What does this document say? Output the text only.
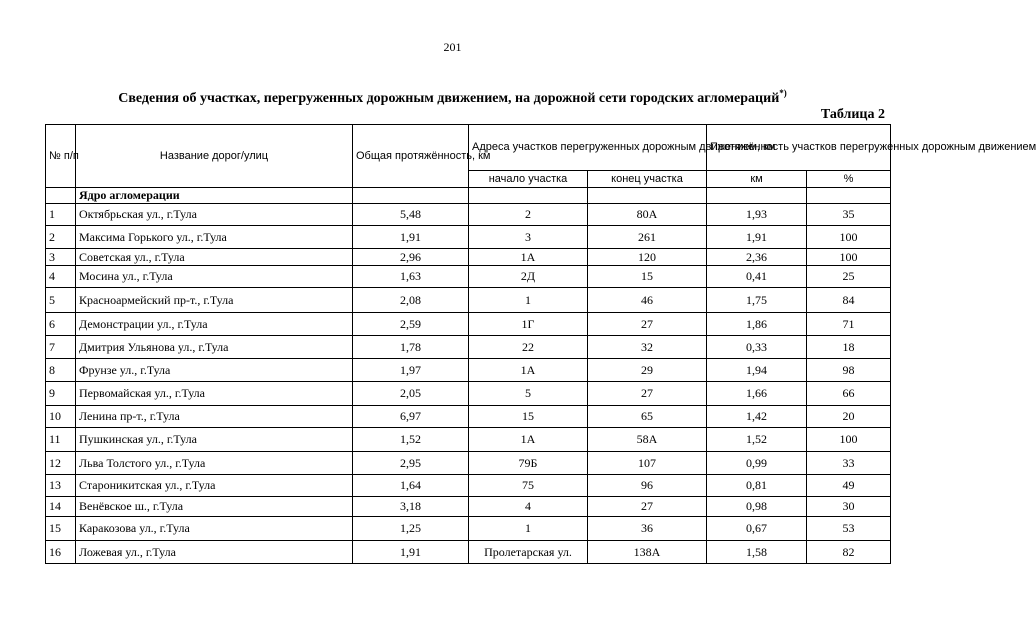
201
Сведения об участках, перегруженных дорожным движением, на дорожной сети городских агломераций*)
Таблица 2
№ п/п	Название дорог/улиц	Общая протяжённость, км	Адреса участков перегруженных дорожным движением, км		Протяжённость участков перегруженных дорожным движением	
			начало участка	конец участка	км	%
	Ядро агломерации					
1	Октябрьская ул., г.Тула	5,48	2	80А	1,93	35
2	Максима Горького ул., г.Тула	1,91	3	261	1,91	100
3	Советская ул., г.Тула	2,96	1А	120	2,36	100
4	Мосина ул., г.Тула	1,63	2Д	15	0,41	25
5	Красноармейский пр-т., г.Тула	2,08	1	46	1,75	84
6	Демонстрации ул., г.Тула	2,59	1Г	27	1,86	71
7	Дмитрия Ульянова ул., г.Тула	1,78	22	32	0,33	18
8	Фрунзе ул., г.Тула	1,97	1А	29	1,94	98
9	Первомайская ул., г.Тула	2,05	5	27	1,66	66
10	Ленина пр-т., г.Тула	6,97	15	65	1,42	20
11	Пушкинская ул., г.Тула	1,52	1А	58А	1,52	100
12	Льва Толстого ул., г.Тула	2,95	79Б	107	0,99	33
13	Староникитская ул., г.Тула	1,64	75	96	0,81	49
14	Венёвское ш., г.Тула	3,18	4	27	0,98	30
15	Каракозова ул., г.Тула	1,25	1	36	0,67	53
16	Ложевая ул., г.Тула	1,91	Пролетарская ул.	138А	1,58	82
